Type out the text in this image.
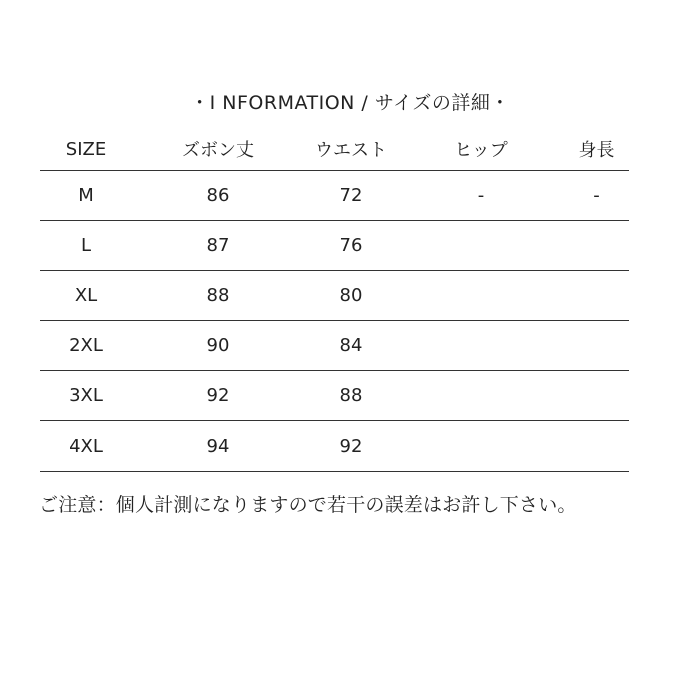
・I NFORMATION / サイズの詳細・
SIZE	ズボン丈	ウエスト	ヒップ	身長
M	86	72	-	-
L	87	76		
XL	88	80		
2XL	90	84		
3XL	92	88		
4XL	94	92		
ご注意：個人計測になりますので若干の誤差はお許し下さい。
